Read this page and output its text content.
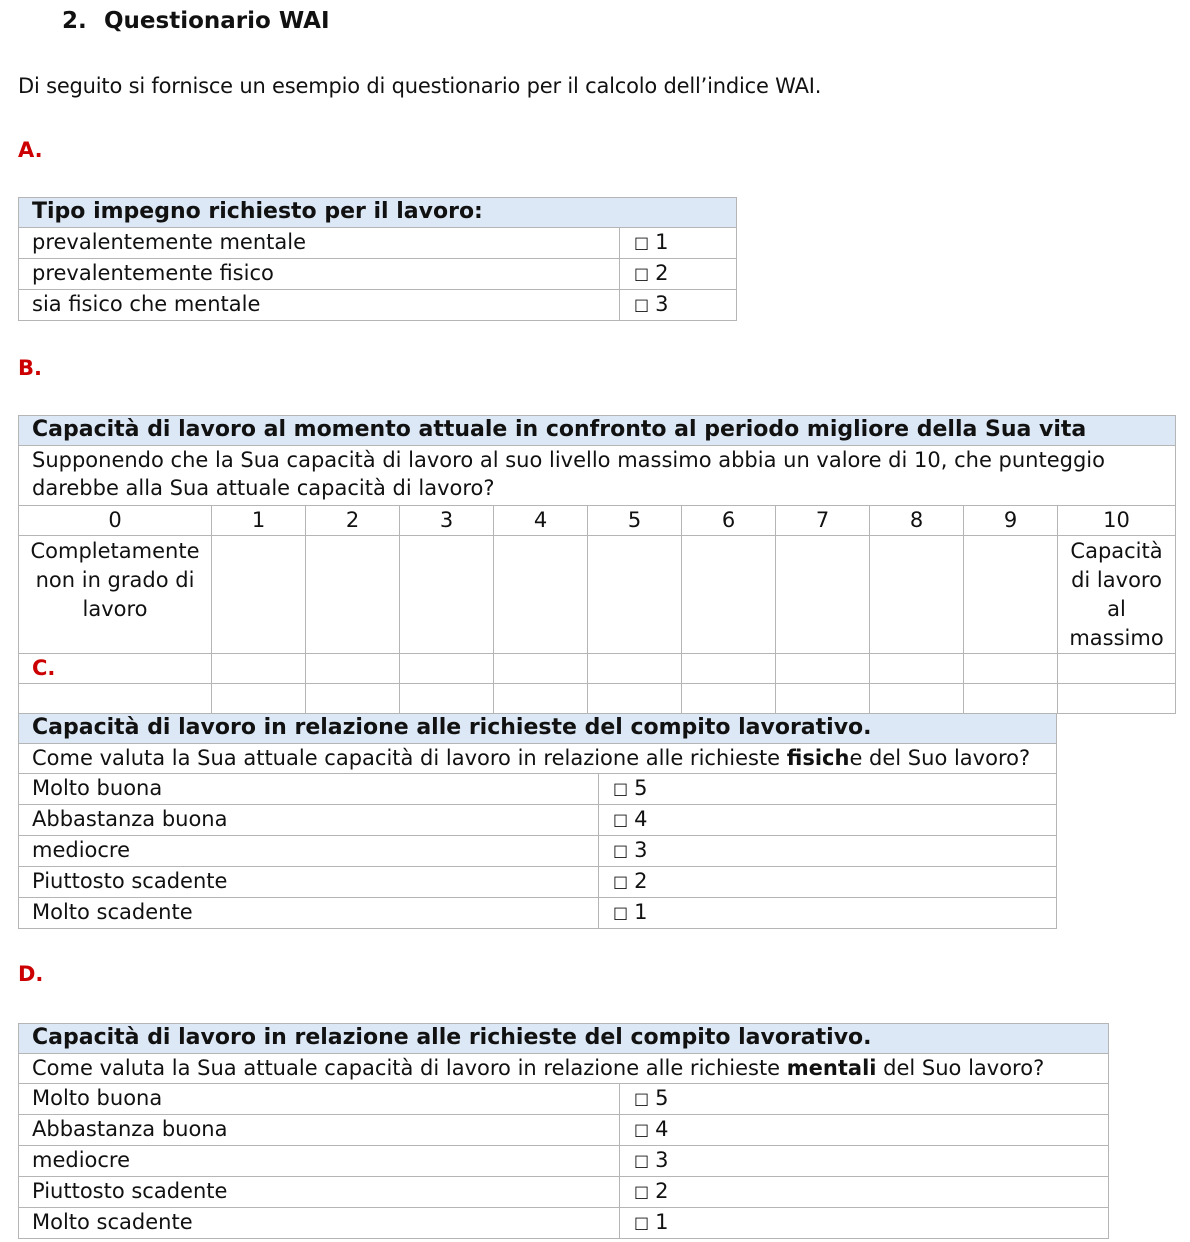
2. Questionario WAI
Di seguito si fornisce un esempio di questionario per il calcolo dell’indice WAI.
A.
Tipo impegno richiesto per il lavoro:	
prevalentemente mentale	□ 1
prevalentemente fisico	□ 2
sia fisico che mentale	□ 3
B.
Capacità di lavoro al momento attuale in confronto al periodo migliore della Sua vita										
Supponendo che la Sua capacità di lavoro al suo livello massimo abbia un valore di 10, che punteggio darebbe alla Sua attuale capacità di lavoro?										
0	1	2	3	4	5	6	7	8	9	10
Completamente non in grado di lavoro										Capacità di lavoro al massimo
C.										

Capacità di lavoro in relazione alle richieste del compito lavorativo.	
Come valuta la Sua attuale capacità di lavoro in relazione alle richieste fisiche del Suo lavoro?	
Molto buona	□ 5
Abbastanza buona	□ 4
mediocre	□ 3
Piuttosto scadente	□ 2
Molto scadente	□ 1
D.
Capacità di lavoro in relazione alle richieste del compito lavorativo.	
Come valuta la Sua attuale capacità di lavoro in relazione alle richieste mentali del Suo lavoro?	
Molto buona	□ 5
Abbastanza buona	□ 4
mediocre	□ 3
Piuttosto scadente	□ 2
Molto scadente	□ 1
